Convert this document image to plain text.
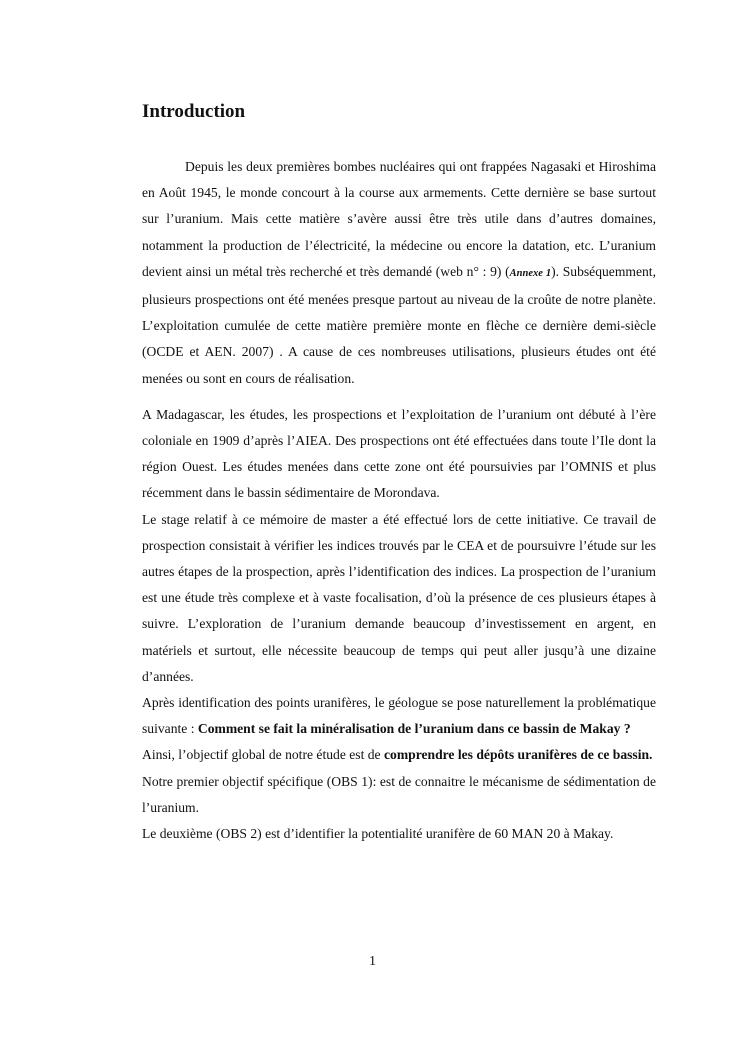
Introduction

Depuis les deux premières bombes nucléaires qui ont frappées Nagasaki et Hiroshima en Août 1945, le monde concourt à la course aux armements. Cette dernière se base surtout sur l’uranium. Mais cette matière s’avère aussi être très utile dans d’autres domaines, notamment la production de l’électricité, la médecine ou encore la datation, etc. L’uranium devient ainsi un métal très recherché et très demandé (web n° : 9) (Annexe 1). Subséquemment, plusieurs prospections ont été menées presque partout au niveau de la croûte de notre planète. L’exploitation cumulée de cette matière première monte en flèche ce dernière demi-siècle (OCDE et AEN. 2007) . A cause de ces nombreuses utilisations, plusieurs études ont été menées ou sont en cours de réalisation.

A Madagascar, les études, les prospections et l’exploitation de l’uranium ont débuté à l’ère coloniale en 1909 d’après l’AIEA. Des prospections ont été effectuées dans toute l’Ile dont la région Ouest. Les études menées dans cette zone ont été poursuivies par l’OMNIS et plus récemment dans le bassin sédimentaire de Morondava.

Le stage relatif à ce mémoire de master a été effectué lors de cette initiative. Ce travail de prospection consistait à vérifier les indices trouvés par le CEA et de poursuivre l’étude sur les autres étapes de la prospection, après l’identification des indices. La prospection de l’uranium est une étude très complexe et à vaste focalisation, d’où la présence de ces plusieurs étapes à suivre. L’exploration de l’uranium demande beaucoup d’investissement en argent, en matériels et surtout, elle nécessite beaucoup de temps qui peut aller jusqu’à une dizaine d’années.

Après identification des points uranifères, le géologue se pose naturellement la problématique suivante : Comment se fait la minéralisation de l’uranium dans ce bassin de Makay ?

Ainsi, l’objectif global de notre étude est de comprendre les dépôts uranifères de ce bassin.

Notre premier objectif spécifique (OBS 1): est de connaitre le mécanisme de sédimentation de l’uranium.

Le deuxième (OBS 2) est d’identifier la potentialité uranifère de 60 MAN 20 à Makay.

1
